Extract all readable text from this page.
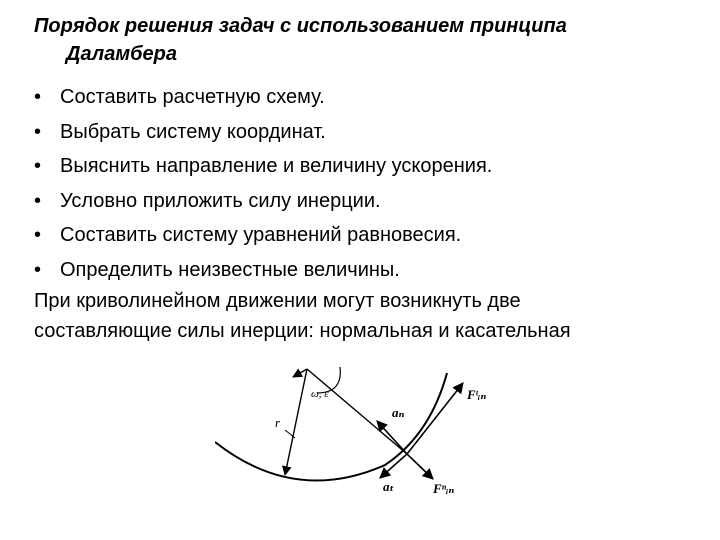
Порядок решения задач с использованием принципа
Даламбера
• Составить расчетную схему.
• Выбрать систему координат.
• Выяснить направление и величину ускорения.
• Условно приложить силу инерции.
• Составить систему уравнений равновесия.
• Определить неизвестные величины.
При криволинейном движении могут возникнуть две
составляющие силы инерции: нормальная и касательная
ω, ε
r
aₙ
aₜ
Fᵗᵢₙ
Fⁿᵢₙ
